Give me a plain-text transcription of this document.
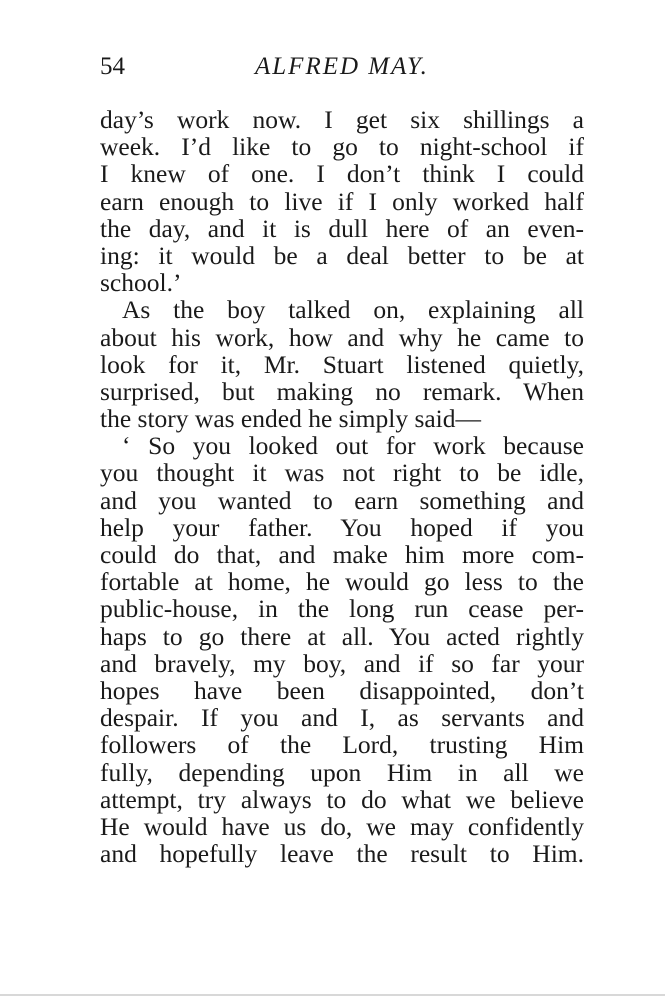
54	ALFRED MAY.
day’s work now. I get six shillings a
week. I’d like to go to night-school if
I knew of one. I don’t think I could
earn enough to live if I only worked half
the day, and it is dull here of an even-
ing: it would be a deal better to be at
school.’
As the boy talked on, explaining all
about his work, how and why he came to
look for it, Mr. Stuart listened quietly,
surprised, but making no remark. When
the story was ended he simply said—
‘ So you looked out for work because
you thought it was not right to be idle,
and you wanted to earn something and
help your father. You hoped if you
could do that, and make him more com-
fortable at home, he would go less to the
public-house, in the long run cease per-
haps to go there at all. You acted rightly
and bravely, my boy, and if so far your
hopes have been disappointed, don’t
despair. If you and I, as servants and
followers of the Lord, trusting Him
fully, depending upon Him in all we
attempt, try always to do what we believe
He would have us do, we may confidently
and hopefully leave the result to Him.
